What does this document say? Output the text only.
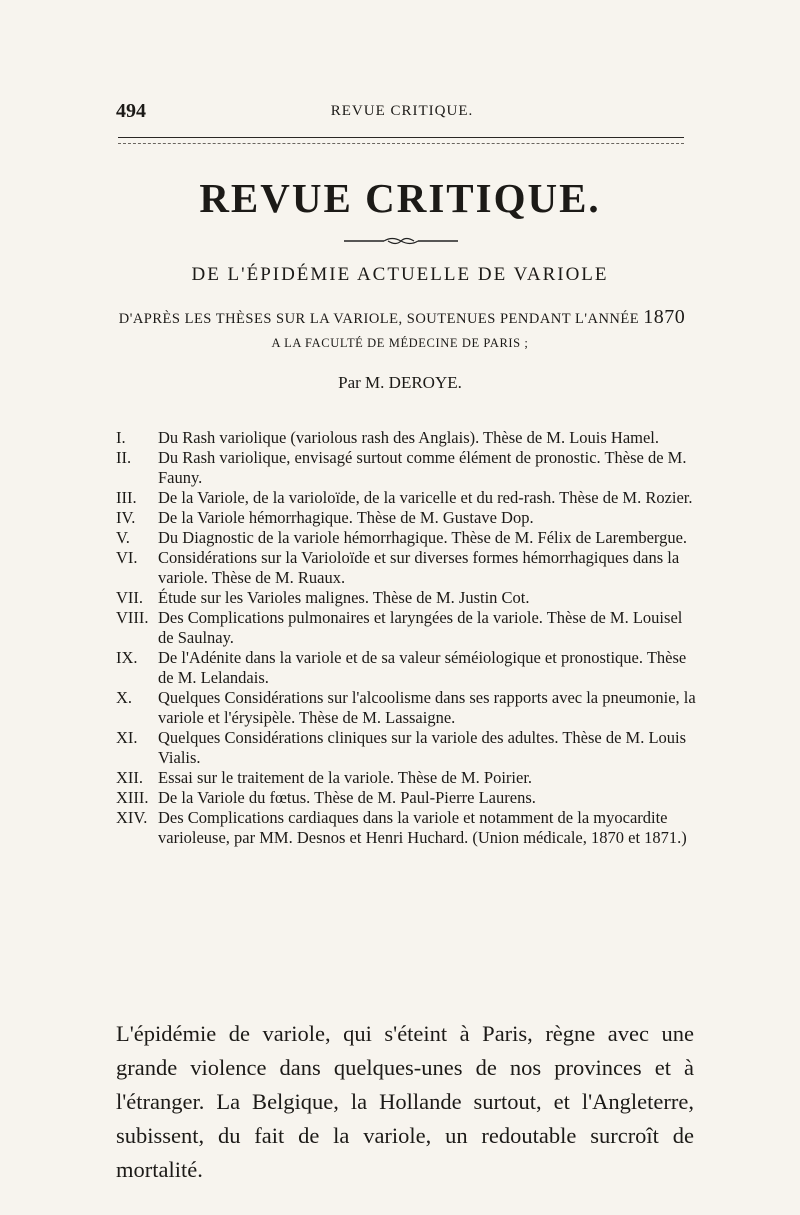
494	REVUE CRITIQUE.
REVUE CRITIQUE.
DE L'ÉPIDÉMIE ACTUELLE DE VARIOLE
D'APRÈS LES THÈSES SUR LA VARIOLE, SOUTENUES PENDANT L'ANNÉE 1870
A LA FACULTÉ DE MÉDECINE DE PARIS ;
Par M. DEROYE.
I.	Du Rash variolique (variolous rash des Anglais). Thèse de M. Louis Hamel.
II.	Du Rash variolique, envisagé surtout comme élément de pronostic. Thèse de M. Fauny.
III.	De la Variole, de la varioloïde, de la varicelle et du red-rash. Thèse de M. Rozier.
IV.	De la Variole hémorrhagique. Thèse de M. Gustave Dop.
V.	Du Diagnostic de la variole hémorrhagique. Thèse de M. Félix de Larembergue.
VI.	Considérations sur la Varioloïde et sur diverses formes hémorrhagiques dans la variole. Thèse de M. Ruaux.
VII. Étude sur les Varioles malignes. Thèse de M. Justin Cot.
VIII. Des Complications pulmonaires et laryngées de la variole. Thèse de M. Louisel de Saulnay.
IX.	De l'Adénite dans la variole et de sa valeur séméiologique et pronostique. Thèse de M. Lelandais.
X.	Quelques Considérations sur l'alcoolisme dans ses rapports avec la pneumonie, la variole et l'érysipèle. Thèse de M. Lassaigne.
XI.	Quelques Considérations cliniques sur la variole des adultes. Thèse de M. Louis Vialis.
XII. Essai sur le traitement de la variole. Thèse de M. Poirier.
XIII. De la Variole du fœtus. Thèse de M. Paul-Pierre Laurens.
XIV. Des Complications cardiaques dans la variole et notamment de la myocardite varioleuse, par MM. Desnos et Henri Huchard. (Union médicale, 1870 et 1871.)

L'épidémie de variole, qui s'éteint à Paris, règne avec une grande violence dans quelques-unes de nos provinces et à l'étranger. La Belgique, la Hollande surtout, et l'Angleterre, subissent, du fait de la variole, un redoutable surcroît de mortalité.
